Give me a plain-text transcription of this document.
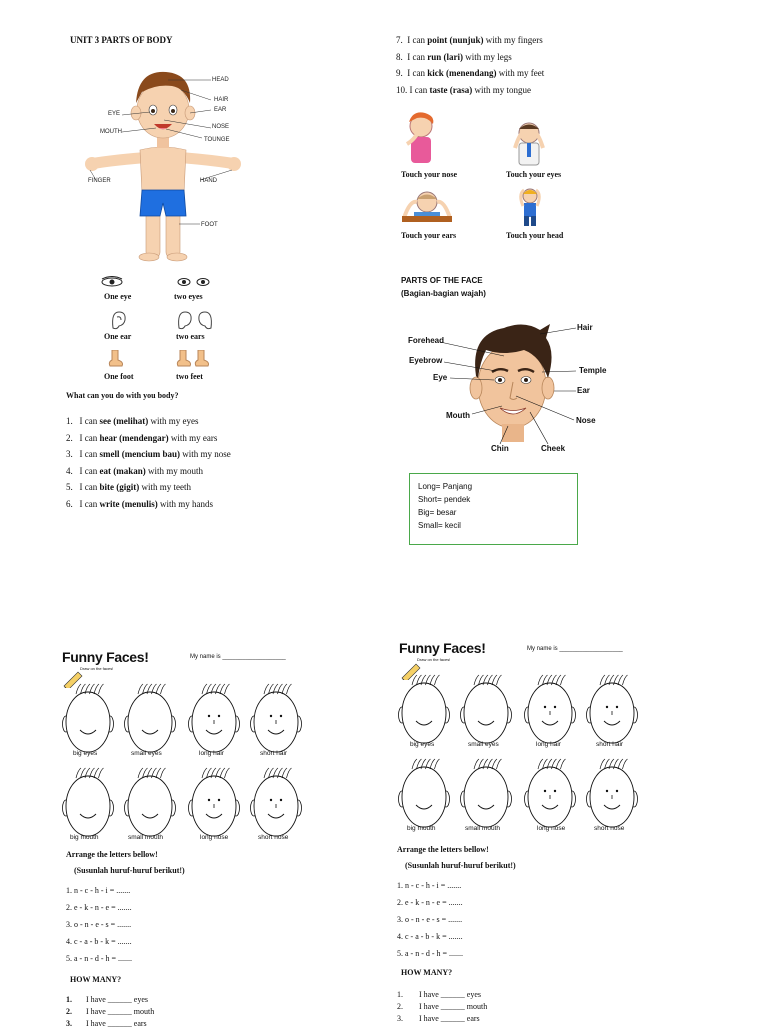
UNIT 3 PARTS OF BODY
HEAD
HAIR
EAR
EYE
NOSE
MOUTH
TOUNGE
FINGER	HAND
FOOT
One eye	two eyes
One ear	two ears
One foot	two feet
What can you do with you body?
1. I can see (melihat) with my eyes
2. I can hear (mendengar) with my ears
3. I can smell (mencium bau) with my nose
4. I can eat (makan) with my mouth
5. I can bite (gigit) with my teeth
6. I can write (menulis) with my hands
7. I can point (nunjuk) with my fingers
8. I can run (lari) with my legs
9. I can kick (menendang) with my feet
10. I can taste (rasa) with my tongue
Touch your nose	Touch your eyes
Touch your ears	Touch your head
PARTS OF THE FACE
(Bagian-bagian wajah)
Hair
Forehead
Eyebrow
Eye
Temple
Ear
Mouth
Nose
Chin	Cheek
Long= Panjang
Short= pendek
Big= besar
Small= kecil
Funny Faces!	My name is ___________________
Draw on the faces!
big eyes	small eyes	long hair	short hair
big mouth	small mouth	long nose	short nose
Arrange the letters bellow!
(Susunlah huruf-huruf berikut!)
1. n - c - h - i = .......
2. e - k - n - e = .......
3. o - n - e - s = .......
4. c - a - b - k = .......
5. a - n - d - h = .......
HOW MANY?
1. I have ______ eyes
2. I have ______ mouth
3. I have ______ ears
Funny Faces!	My name is ___________________
Draw on the faces!
big eyes	small eyes	long hair	short hair
big mouth	small mouth	long nose	short nose
Arrange the letters bellow!
(Susunlah huruf-huruf berikut!)
1. n - c - h - i = .......
2. e - k - n - e = .......
3. o - n - e - s = .......
4. c - a - b - k = .......
5. a - n - d - h = .......
HOW MANY?
1. I have ______ eyes
2. I have ______ mouth
3. I have ______ ears
